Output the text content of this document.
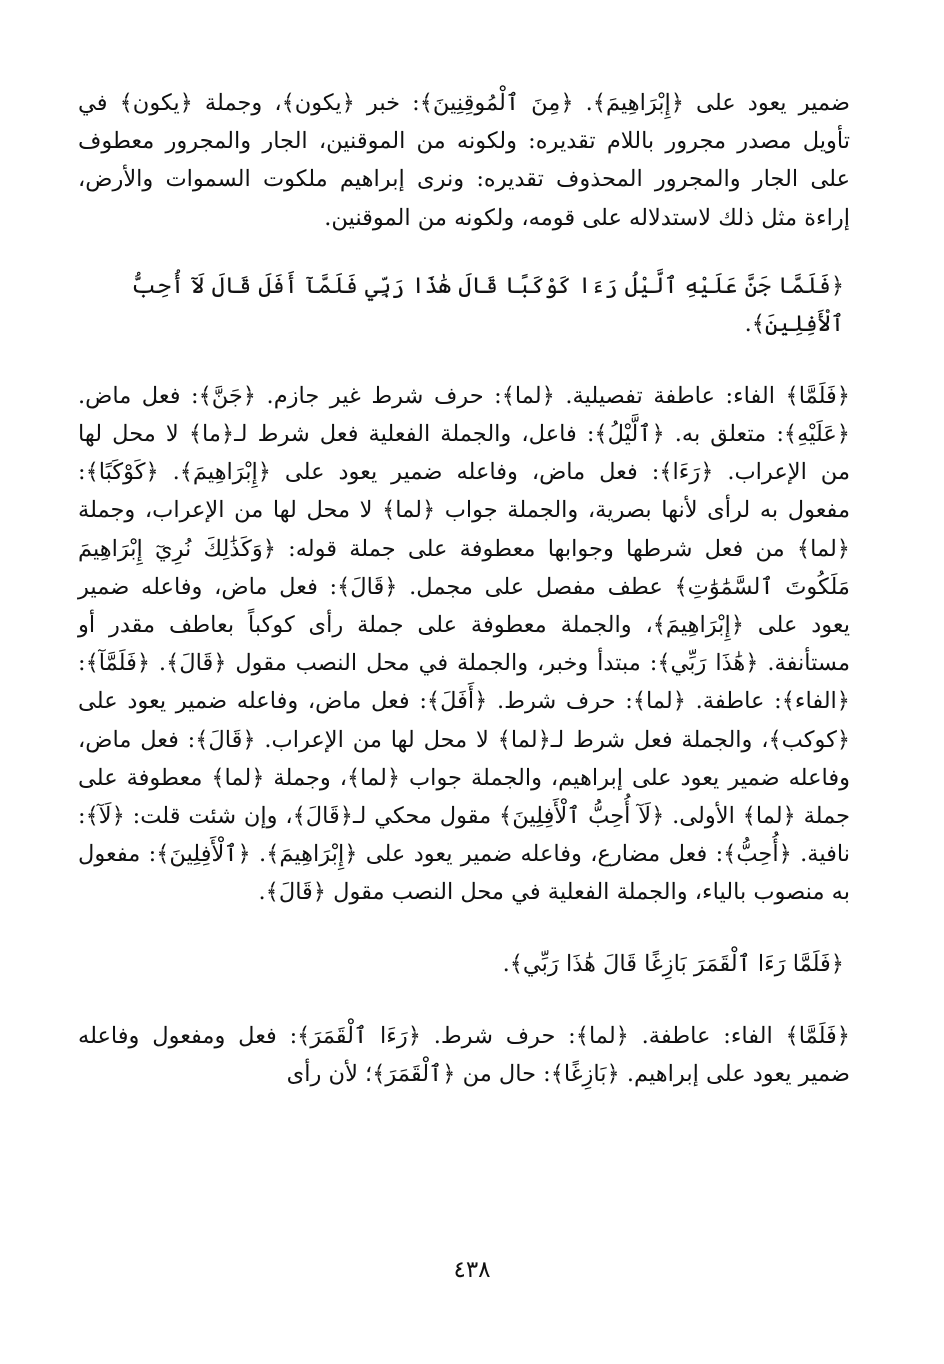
ضمير يعود على ﴿إِبْرَاهِيمَ﴾. ﴿مِنَ ٱلْمُوقِنِينَ﴾: خبر ﴿يكون﴾، وجملة ﴿يكون﴾ في تأويل مصدر مجرور باللام تقديره: ولكونه من الموقنين، الجار والمجرور معطوف على الجار والمجرور المحذوف تقديره: ونرى إبراهيم ملكوت السموات والأرض، إراءة مثل ذلك لاستدلاله على قومه، ولكونه من الموقنين.

﴿فَلَمَّا جَنَّ عَلَيْهِ ٱلَّيْلُ رَءَا كَوْكَبًا قَالَ هَٰذَا رَبِّي فَلَمَّآ أَفَلَ قَالَ لَآ أُحِبُّ ٱلْأَفِلِينَ﴾.

﴿فَلَمَّا﴾ الفاء: عاطفة تفصيلية. ﴿لما﴾: حرف شرط غير جازم. ﴿جَنَّ﴾: فعل ماض. ﴿عَلَيْهِ﴾: متعلق به. ﴿ٱلَّيْلُ﴾: فاعل، والجملة الفعلية فعل شرط لـ﴿ما﴾ لا محل لها من الإعراب. ﴿رَءَا﴾: فعل ماض، وفاعله ضمير يعود على ﴿إِبْرَاهِيمَ﴾. ﴿كَوْكَبًا﴾: مفعول به لرأى لأنها بصرية، والجملة جواب ﴿لما﴾ لا محل لها من الإعراب، وجملة ﴿لما﴾ من فعل شرطها وجوابها معطوفة على جملة قوله: ﴿وَكَذَٰلِكَ نُرِيٓ إِبْرَاهِيمَ مَلَكُوتَ ٱلسَّمَٰوَٰتِ﴾ عطف مفصل على مجمل. ﴿قَالَ﴾: فعل ماض، وفاعله ضمير يعود على ﴿إِبْرَاهِيمَ﴾، والجملة معطوفة على جملة رأى كوكباً بعاطف مقدر أو مستأنفة. ﴿هَٰذَا رَبِّي﴾: مبتدأ وخبر، والجملة في محل النصب مقول ﴿قَالَ﴾. ﴿فَلَمَّآ﴾: ﴿الفاء﴾: عاطفة. ﴿لما﴾: حرف شرط. ﴿أَفَلَ﴾: فعل ماض، وفاعله ضمير يعود على ﴿كوكب﴾، والجملة فعل شرط لـ﴿لما﴾ لا محل لها من الإعراب. ﴿قَالَ﴾: فعل ماض، وفاعله ضمير يعود على إبراهيم، والجملة جواب ﴿لما﴾، وجملة ﴿لما﴾ معطوفة على جملة ﴿لما﴾ الأولى. ﴿لَآ أُحِبُّ ٱلْأَفِلِينَ﴾ مقول محكي لـ﴿قَالَ﴾، وإن شئت قلت: ﴿لَآ﴾: نافية. ﴿أُحِبُّ﴾: فعل مضارع، وفاعله ضمير يعود على ﴿إِبْرَاهِيمَ﴾. ﴿ٱلْأَفِلِينَ﴾: مفعول به منصوب بالياء، والجملة الفعلية في محل النصب مقول ﴿قَالَ﴾.

﴿فَلَمَّا رَءَا ٱلْقَمَرَ بَازِغًا قَالَ هَٰذَا رَبِّي﴾.

﴿فَلَمَّا﴾ الفاء: عاطفة. ﴿لما﴾: حرف شرط. ﴿رَءَا ٱلْقَمَرَ﴾: فعل ومفعول وفاعله ضمير يعود على إبراهيم. ﴿بَازِغًا﴾: حال من ﴿ٱلْقَمَرَ﴾؛ لأن رأى

٤٣٨
